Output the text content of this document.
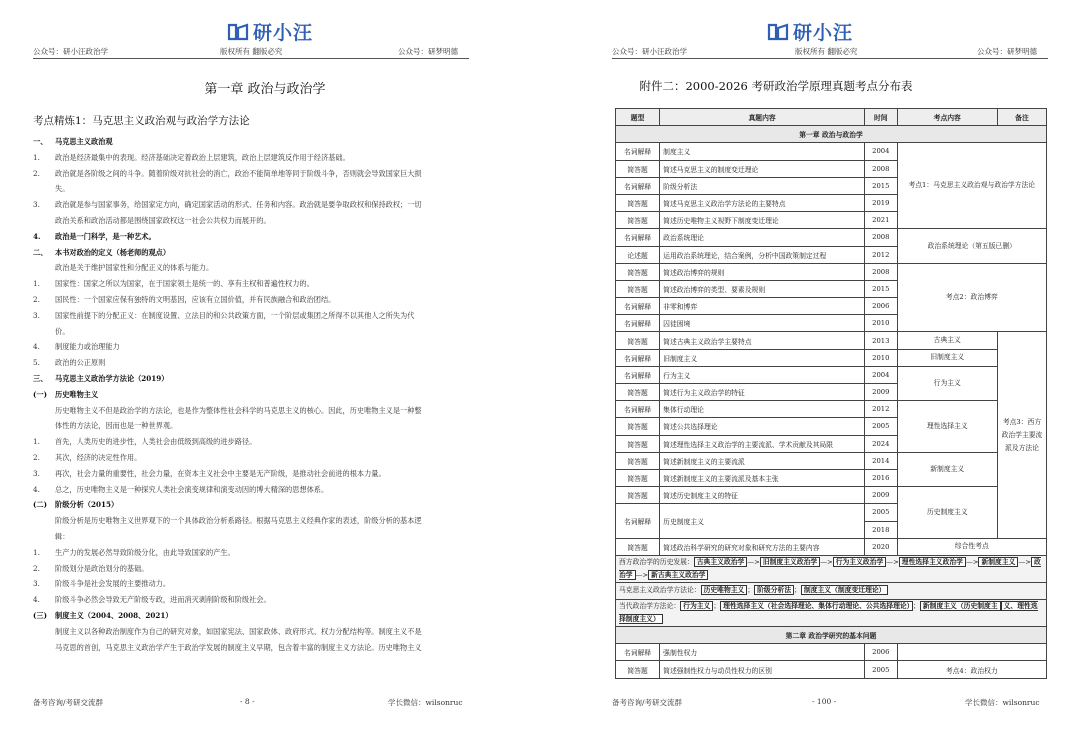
研小汪
公众号：研小汪政治学	版权所有 翻版必究	公众号：研梦明德
第一章 政治与政治学
考点精炼1：马克思主义政治观与政治学方法论
一、 马克思主义政治观
1. 政治是经济最集中的表现。经济基础决定着政治上层建筑，政治上层建筑反作用于经济基础。
2. 政治就是各阶级之间的斗争。随着阶级对抗社会的消亡，政治不能简单地等同于阶级斗争，否则就会导致国家巨大损
失。
3. 政治就是参与国家事务，给国家定方向，确定国家活动的形式、任务和内容。政治就是要争取政权和保持政权；一切
政治关系和政治活动都是围绕国家政权这一社会公共权力而展开的。
4. 政治是一门科学，是一种艺术。
二、 本书对政治的定义（杨老师的观点）
政治是关于维护国家性和分配正义的体系与能力。
1. 国家性：国家之所以为国家，在于国家领土是统一的、享有主权和普遍性权力的。
2. 国民性：一个国家应保有独特的文明基因，应该有立国价值，并有民族融合和政治团结。
3. 国家性前提下的分配正义：在制度设置、立法目的和公共政策方面，一个阶层或集团之所得不以其他人之所失为代
价。
4. 制度能力或治理能力
5. 政治的公正原则
三、 马克思主义政治学方法论（2019）
(一) 历史唯物主义
历史唯物主义不但是政治学的方法论，也是作为整体性社会科学的马克思主义的核心。因此，历史唯物主义是一种整
体性的方法论，因而也是一种世界观。
1. 首先，人类历史的进步性，人类社会由低级到高级的进步路径。
2. 其次，经济的决定性作用。
3. 再次，社会力量的重要性，社会力量，在资本主义社会中主要是无产阶级，是推动社会前进的根本力量。
4. 总之，历史唯物主义是一种探究人类社会演变规律和演变动因的博大精深的思想体系。
(二) 阶级分析（2015）
阶级分析是历史唯物主义世界观下的一个具体政治分析系路径。根据马克思主义经典作家的表述，阶级分析的基本逻
辑：
1. 生产力的发展必然导致阶级分化，由此导致国家的产生。
2. 阶级划分是政治划分的基础。
3. 阶级斗争是社会发展的主要推动力。
4. 阶级斗争必然会导致无产阶级专政，进而消灭剥削阶级和阶级社会。
(三) 制度主义（2004、2008、2021）
制度主义以各种政治制度作为自己的研究对象，如国家宪法、国家政体、政府形式、权力分配结构等。制度主义不是
马克思的首创，马克思主义政治学产生于政治学发展的制度主义早期，包含着丰富的制度主义方法论。历史唯物主义
备考咨询/考研交流群	- 8 -	学长微信：wilsonruc
研小汪
公众号：研小汪政治学	版权所有 翻版必究	公众号：研梦明德
备考咨询/考研交流群	- 100 -	学长微信：wilsonruc
附件二：2000-2026 考研政治学原理真题考点分布表
题型	真题内容	时间	考点内容	备注
第一章 政治与政治学				
名词解释	制度主义	2004	考点1：马克思主义政治观与政治学方法论	
简答题	简述马克思主义的制度变迁理论	2008		
名词解释	阶级分析法	2015		
简答题	简述马克思主义政治学方法论的主要特点	2019		
简答题	简述历史唯物主义视野下制度变迁理论	2021		
名词解释	政治系统理论	2008	政治系统理论（第五版已删）	
论述题	运用政治系统理论，结合案例，分析中国政策制定过程	2012		
简答题	简述政治博弈的规则	2008	考点2：政治博弈	
简答题	简述政治博弈的类型、要素及规则	2015		
名词解释	非零和博弈	2006		
名词解释	囚徒困境	2010		
简答题	简述古典主义政治学主要特点	2013	古典主义	考点3：西方政治学主要流派及方法论
名词解释	旧制度主义	2010	旧制度主义	
名词解释	行为主义	2004	行为主义	
简答题	简述行为主义政治学的特征	2009		
名词解释	集体行动理论	2012	理性选择主义	
简答题	简述公共选择理论	2005		
简答题	简述理性选择主义政治学的主要流派、学术贡献及其局限	2024		
简答题	简述新制度主义的主要流派	2014	新制度主义	
简答题	简述新制度主义的主要流派及基本主张	2016		
简答题	简述历史制度主义的特征	2009	历史制度主义	
名词解释	历史制度主义	2005		
		2018		
简答题	简述政治科学研究的研究对象和研究方法的主要内容	2020	综合性考点	
西方政治学的历史发展： 古典主义政治学 —> 旧制度主义政治学 —> 行为主义政治学 —> 理性选择主义政治学 —> 新制度主义 —> 政治学 —> 新古典主义政治学				
马克思主义政治学方法论： 历史唯物主义 ； 阶级分析法 ； 制度主义（制度变迁理论）				
当代政治学方法论： 行为主义 ； 理性选择主义（社会选择理论、集体行动理论、公共选择理论） ； 新制度主义（历史制度主 义、理性选择制度主义）				
第二章 政治学研究的基本问题				
名词解释	强制性权力	2006		
简答题	简述强制性权力与动员性权力的区别	2005	考点4：政治权力	
